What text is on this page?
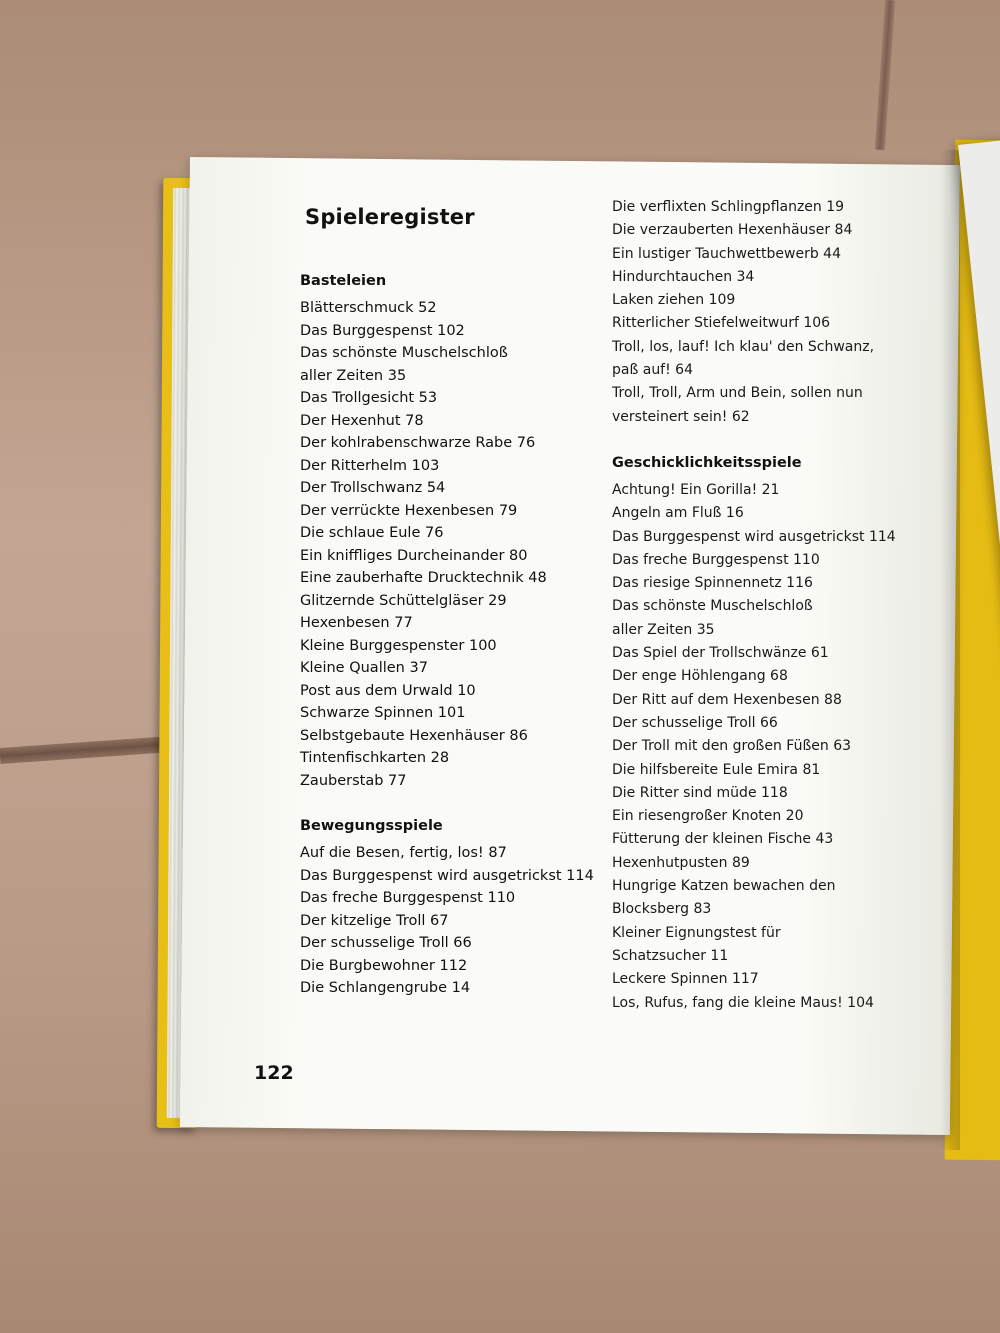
Spieleregister
Basteleien
Blätterschmuck 52
Das Burggespenst 102
Das schönste Muschelschloß
aller Zeiten 35
Das Trollgesicht 53
Der Hexenhut 78
Der kohlrabenschwarze Rabe 76
Der Ritterhelm 103
Der Trollschwanz 54
Der verrückte Hexenbesen 79
Die schlaue Eule 76
Ein kniffliges Durcheinander 80
Eine zauberhafte Drucktechnik 48
Glitzernde Schüttelgläser 29
Hexenbesen 77
Kleine Burggespenster 100
Kleine Quallen 37
Post aus dem Urwald 10
Schwarze Spinnen 101
Selbstgebaute Hexenhäuser 86
Tintenfischkarten 28
Zauberstab 77
Bewegungsspiele
Auf die Besen, fertig, los! 87
Das Burggespenst wird ausgetrickst 114
Das freche Burggespenst 110
Der kitzelige Troll 67
Der schusselige Troll 66
Die Burgbewohner 112
Die Schlangengrube 14
Die verflixten Schlingpflanzen 19
Die verzauberten Hexenhäuser 84
Ein lustiger Tauchwettbewerb 44
Hindurchtauchen 34
Laken ziehen 109
Ritterlicher Stiefelweitwurf 106
Troll, los, lauf! Ich klau' den Schwanz,
paß auf! 64
Troll, Troll, Arm und Bein, sollen nun
versteinert sein! 62
Geschicklichkeitsspiele
Achtung! Ein Gorilla! 21
Angeln am Fluß 16
Das Burggespenst wird ausgetrickst 114
Das freche Burggespenst 110
Das riesige Spinnennetz 116
Das schönste Muschelschloß
aller Zeiten 35
Das Spiel der Trollschwänze 61
Der enge Höhlengang 68
Der Ritt auf dem Hexenbesen 88
Der schusselige Troll 66
Der Troll mit den großen Füßen 63
Die hilfsbereite Eule Emira 81
Die Ritter sind müde 118
Ein riesengroßer Knoten 20
Fütterung der kleinen Fische 43
Hexenhutpusten 89
Hungrige Katzen bewachen den
Blocksberg 83
Kleiner Eignungstest für
Schatzsucher 11
Leckere Spinnen 117
Los, Rufus, fang die kleine Maus! 104
122
